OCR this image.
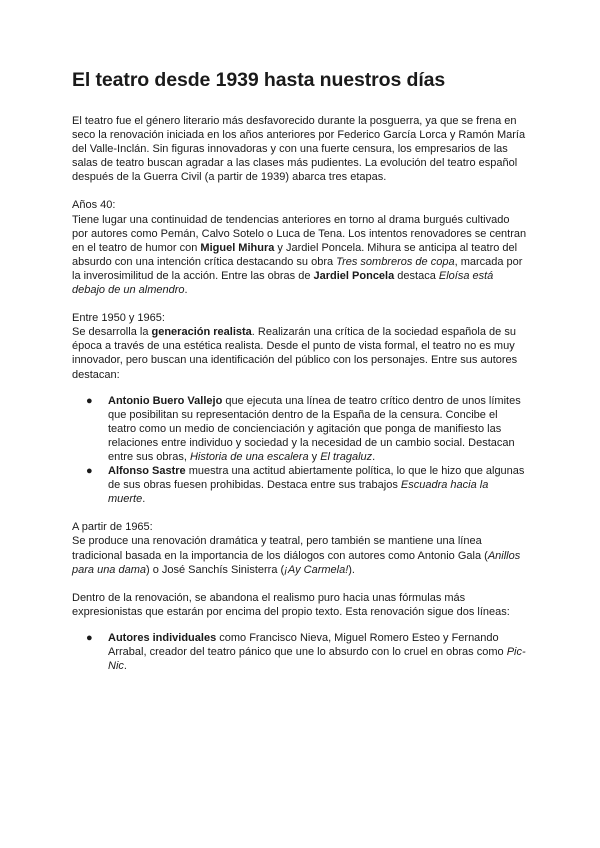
El teatro desde 1939 hasta nuestros días

El teatro fue el género literario más desfavorecido durante la posguerra, ya que se frena en seco la renovación iniciada en los años anteriores por Federico García Lorca y Ramón María del Valle-Inclán. Sin figuras innovadoras y con una fuerte censura, los empresarios de las salas de teatro buscan agradar a las clases más pudientes. La evolución del teatro español después de la Guerra Civil (a partir de 1939) abarca tres etapas.

Años 40:

Tiene lugar una continuidad de tendencias anteriores en torno al drama burgués cultivado por autores como Pemán, Calvo Sotelo o Luca de Tena. Los intentos renovadores se centran en el teatro de humor con Miguel Mihura y Jardiel Poncela. Mihura se anticipa al teatro del absurdo con una intención crítica destacando su obra Tres sombreros de copa, marcada por la inverosimilitud de la acción. Entre las obras de Jardiel Poncela destaca Eloísa está debajo de un almendro.

Entre 1950 y 1965:

Se desarrolla la generación realista. Realizarán una crítica de la sociedad española de su época a través de una estética realista. Desde el punto de vista formal, el teatro no es muy innovador, pero buscan una identificación del público con los personajes. Entre sus autores destacan:

● Antonio Buero Vallejo que ejecuta una línea de teatro crítico dentro de unos límites que posibilitan su representación dentro de la España de la censura. Concibe el teatro como un medio de concienciación y agitación que ponga de manifiesto las relaciones entre individuo y sociedad y la necesidad de un cambio social. Destacan entre sus obras, Historia de una escalera y El tragaluz.
● Alfonso Sastre muestra una actitud abiertamente política, lo que le hizo que algunas de sus obras fuesen prohibidas. Destaca entre sus trabajos Escuadra hacia la muerte.

A partir de 1965:

Se produce una renovación dramática y teatral, pero también se mantiene una línea tradicional basada en la importancia de los diálogos con autores como Antonio Gala (Anillos para una dama) o José Sanchís Sinisterra (¡Ay Carmela!).

Dentro de la renovación, se abandona el realismo puro hacia unas fórmulas más expresionistas que estarán por encima del propio texto. Esta renovación sigue dos líneas:

● Autores individuales como Francisco Nieva, Miguel Romero Esteo y Fernando Arrabal, creador del teatro pánico que une lo absurdo con lo cruel en obras como Pic-Nic.
